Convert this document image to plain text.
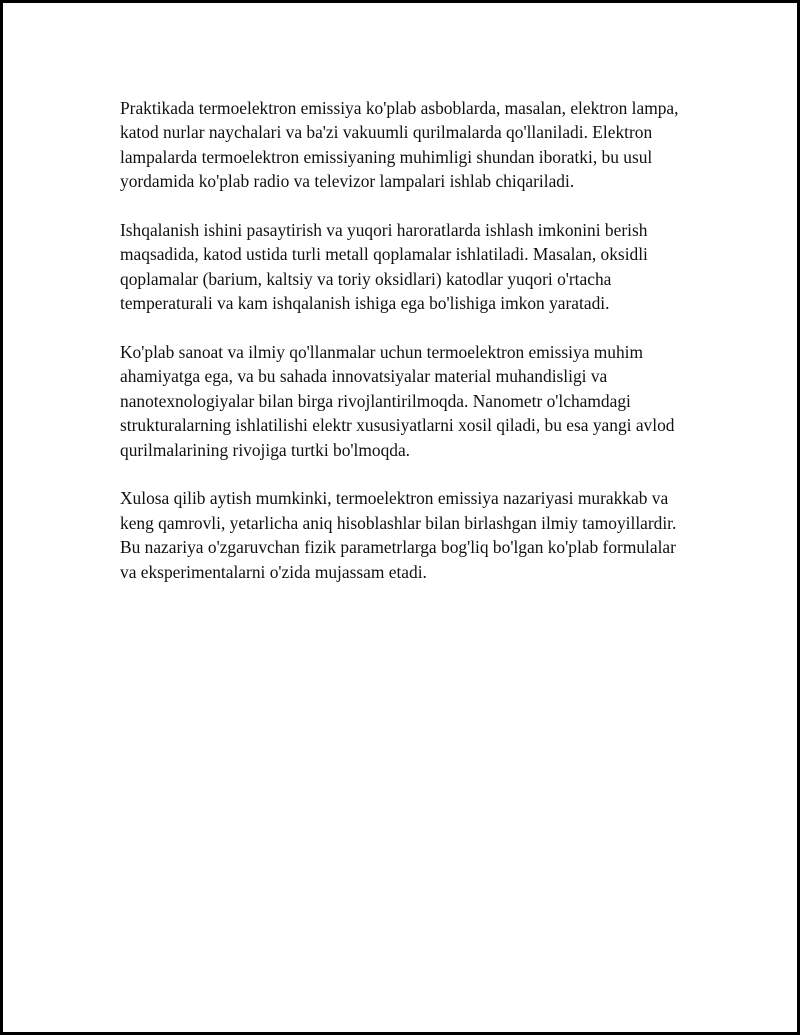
Praktikada termoelektron emissiya ko'plab asboblarda, masalan, elektron lampa, katod nurlar naychalari va ba'zi vakuumli qurilmalarda qo'llaniladi. Elektron lampalarda termoelektron emissiyaning muhimligi shundan iboratki, bu usul yordamida ko'plab radio va televizor lampalari ishlab chiqariladi.

Ishqalanish ishini pasaytirish va yuqori haroratlarda ishlash imkonini berish maqsadida, katod ustida turli metall qoplamalar ishlatiladi. Masalan, oksidli qoplamalar (barium, kaltsiy va toriy oksidlari) katodlar yuqori o'rtacha temperaturali va kam ishqalanish ishiga ega bo'lishiga imkon yaratadi.

Ko'plab sanoat va ilmiy qo'llanmalar uchun termoelektron emissiya muhim ahamiyatga ega, va bu sahada innovatsiyalar material muhandisligi va nanotexnologiyalar bilan birga rivojlantirilmoqda. Nanometr o'lchamdagi strukturalarning ishlatilishi elektr xususiyatlarni xosil qiladi, bu esa yangi avlod qurilmalarining rivojiga turtki bo'lmoqda.

Xulosa qilib aytish mumkinki, termoelektron emissiya nazariyasi murakkab va keng qamrovli, yetarlicha aniq hisoblashlar bilan birlashgan ilmiy tamoyillardir. Bu nazariya o'zgaruvchan fizik parametrlarga bog'liq bo'lgan ko'plab formulalar va eksperimentalarni o'zida mujassam etadi.
